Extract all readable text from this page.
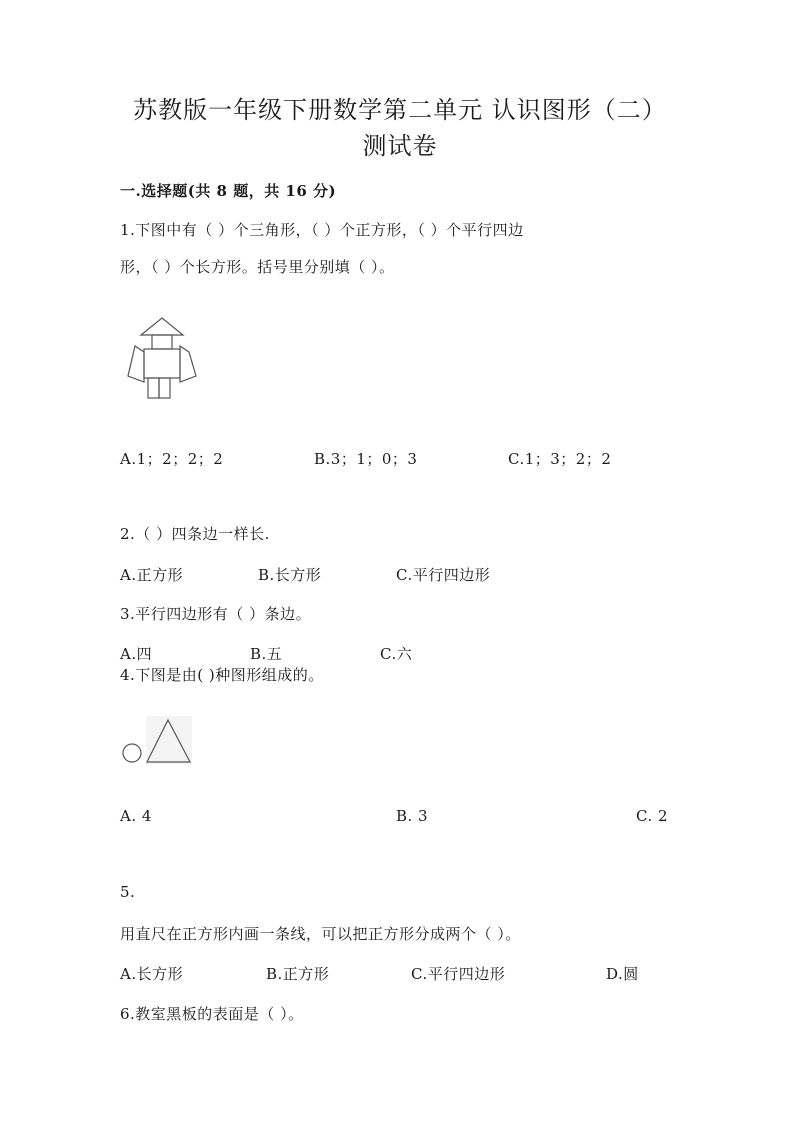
苏教版一年级下册数学第二单元 认识图形（二）
测试卷
一.选择题(共 8 题，共 16 分)
1.下图中有（ ）个三角形，（ ）个正方形，（ ）个平行四边
形，（ ）个长方形。括号里分别填（ ）。
A.1；2；2；2	B.3；1；0；3	C.1；3；2；2
2.（ ）四条边一样长.
A.正方形	B.长方形	C.平行四边形
3.平行四边形有（ ）条边。
A.四	B.五	C.六
4.下图是由( )种图形组成的。
A. 4	B. 3	C. 2
5.
用直尺在正方形内画一条线，可以把正方形分成两个（ ）。
A.长方形	B.正方形	C.平行四边形	D.圆
6.教室黑板的表面是（ ）。
